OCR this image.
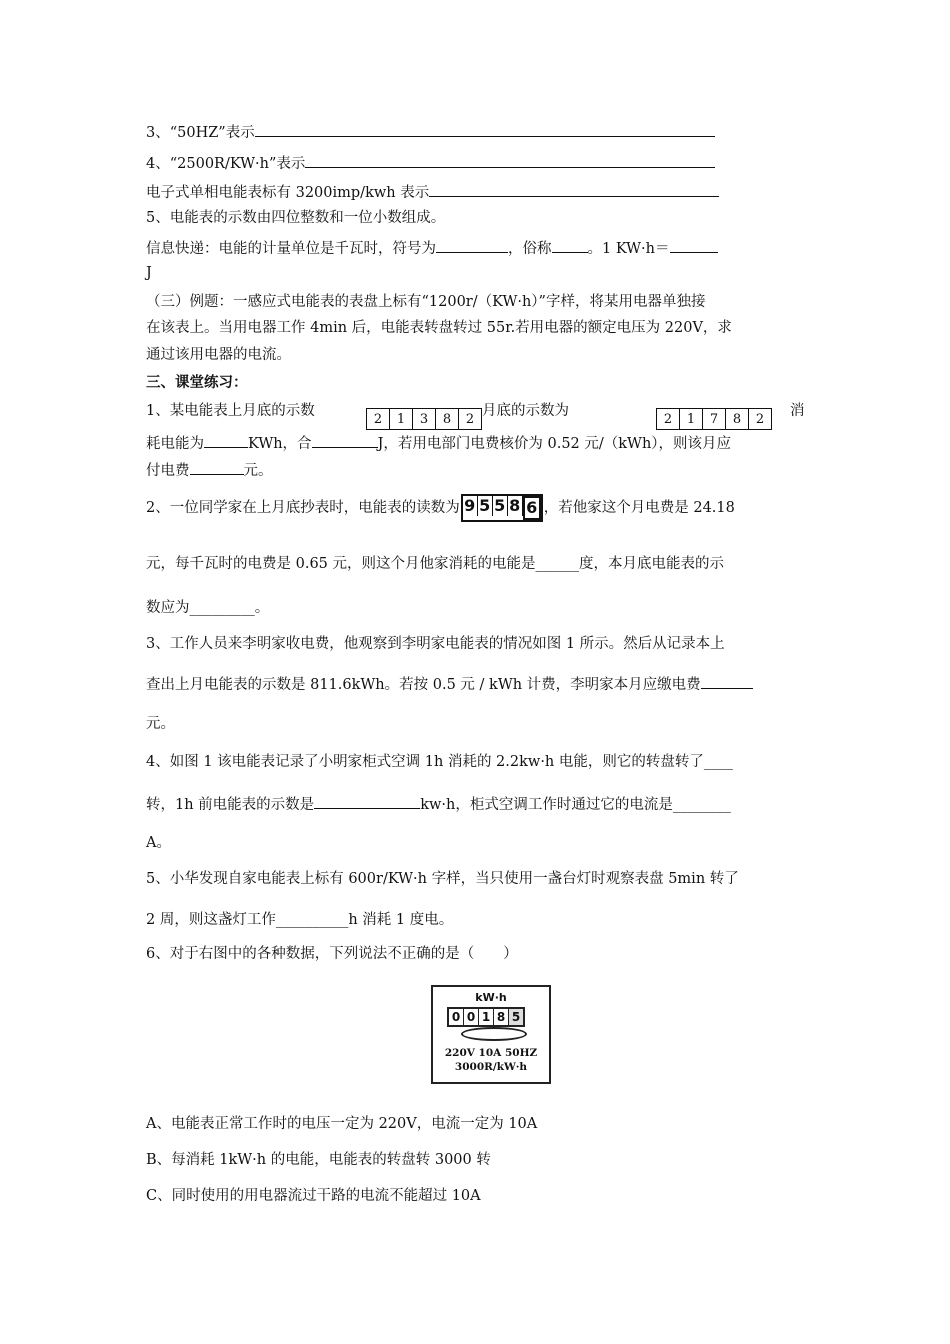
3、“50HZ”表示
4、“2500R/KW·h”表示
电子式单相电能表标有 3200imp/kwh 表示
5、电能表的示数由四位整数和一位小数组成。
信息快递：电能的计量单位是千瓦时，符号为	，俗称 。1 KW·h＝
J
（三）例题：一感应式电能表的表盘上标有“1200r/（KW·h）”字样，将某用电器单独接
在该表上。当用电器工作 4min 后，电能表转盘转过 55r.若用电器的额定电压为 220V，求
通过该用电器的电流。
三、课堂练习：
1、某电能表上月底的示数	2	1	3	8	2 月底的示数为	2	1	7	8	2	消
耗电能为	KWh，合	J，若用电部门电费核价为 0.52 元/（kWh），则该月应
付电费	元。
2、一位同学家在上月底抄表时，电能表的读数为 9 5 5 8 6 ，若他家这个月电费是 24.18
元，每千瓦时的电费是 0.65 元，则这个月他家消耗的电能是______度，本月底电能表的示
数应为_________。
3、工作人员来李明家收电费，他观察到李明家电能表的情况如图 1 所示。然后从记录本上
查出上月电能表的示数是 811.6kWh。若按 0.5 元 / kWh 计费，李明家本月应缴电费
元。
4、如图 1 该电能表记录了小明家柜式空调 1h 消耗的 2.2kw·h 电能，则它的转盘转了____
转，1h 前电能表的示数是	kw·h，柜式空调工作时通过它的电流是________
A。
5、小华发现自家电能表上标有 600r/KW·h 字样，当只使用一盏台灯时观察表盘 5min 转了
2 周，则这盏灯工作__________h 消耗 1 度电。
6、对于右图中的各种数据，下列说法不正确的是（　　）
kW·h
0 0 1 8 5
220V 10A 50HZ
3000R/kW·h
A、电能表正常工作时的电压一定为 220V，电流一定为 10A
B、每消耗 1kW·h 的电能，电能表的转盘转 3000 转
C、同时使用的用电器流过干路的电流不能超过 10A
